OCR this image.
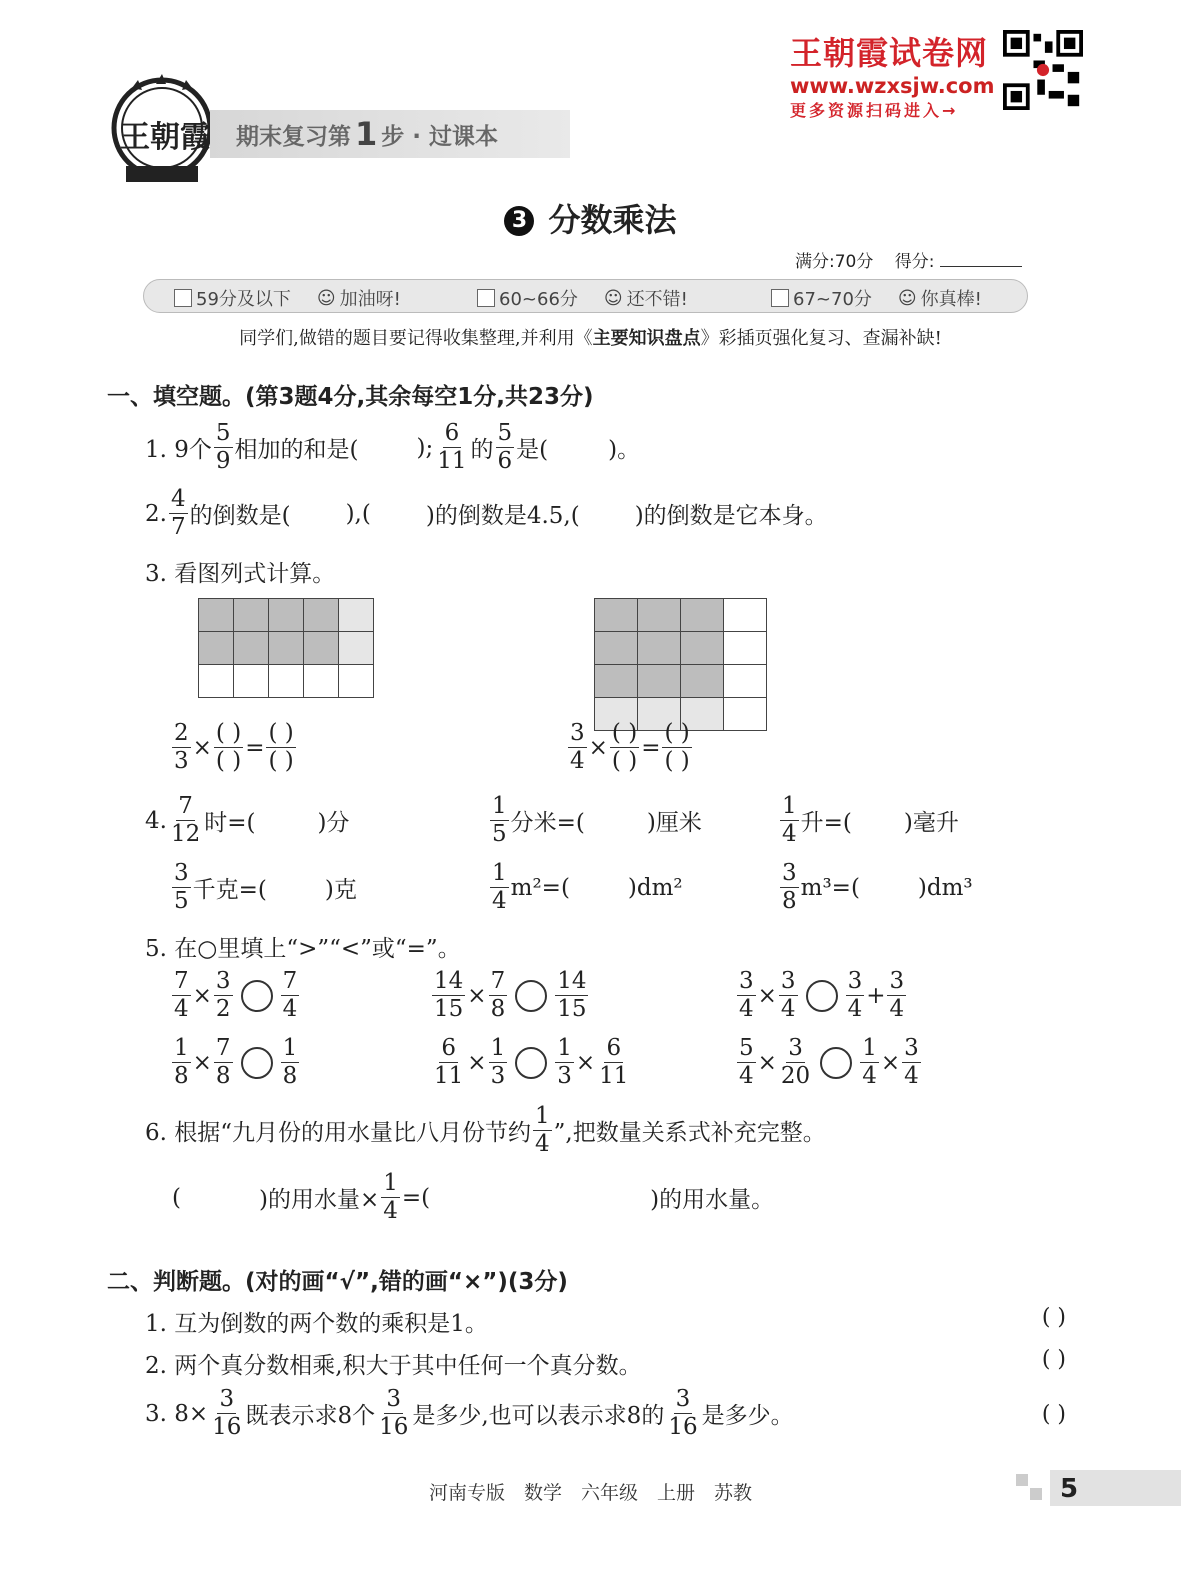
王朝霞 期末复习第 1 步 · 过课本
王朝霞试卷网
www.wzxsjw.com
更多资源扫码进入→
3 分数乘法
满分:70分 得分:
59分及以下 ☺ 加油呀!	60~66分 ☺ 还不错!	67~70分 ☺ 你真棒!
同学们,做错的题目要记得收集整理,并利用《主要知识盘点》彩插页强化复习、查漏补缺!
一、填空题。(第3题4分,其余每空1分,共23分)
1. 9个 $\frac{5}{9}$ 相加的和是(	); $\frac{6}{11}$ 的 $\frac{5}{6}$ 是(	)。
2. $\frac{4}{7}$ 的倒数是( ),( )的倒数是4.5,( )的倒数是它本身。
3. 看图列式计算。

$\frac{2}{3} \times \frac{( )}{( )} = \frac{( )}{( )}$	$\frac{3}{4} \times \frac{( )}{( )} = \frac{( )}{( )}$
4. $\frac{7}{12}$ 时=(	)分	$\frac{1}{5}$ 分米=(	)厘米	$\frac{1}{4}$ 升=( )毫升
$\frac{3}{5}$ 千克=(	)克	$\frac{1}{4} m^2=$(	)dm²	$\frac{3}{8} m^3=$(	)dm³
5. 在○里填上“>”“<”或“=”。
$\frac{7}{4} \times \frac{3}{2} \frac{7}{4}$	$\frac{14}{15} \times \frac{7}{8} \frac{14}{15}$	$\frac{3}{4} \times \frac{3}{4} \frac{3}{4} + \frac{3}{4}$
$\frac{1}{8} \times \frac{7}{8} \frac{1}{8}$	$\frac{6}{11} \times \frac{1}{3} \frac{1}{3} \times \frac{6}{11}$	$\frac{5}{4} \times \frac{3}{20} \frac{1}{4} \times \frac{3}{4}$
6. 根据“九月份的用水量比八月份节约 $\frac{1}{4}$ ”,把数量关系式补充完整。
(	)的用水量× $\frac{1}{4}$ =(	)的用水量。
二、判断题。(对的画“√”,错的画“×”)(3分)
1. 互为倒数的两个数的乘积是1。	( )
2. 两个真分数相乘,积大于其中任何一个真分数。	( )
3. $8\times \frac{3}{16}$ 既表示求8个 $\frac{3}{16}$ 是多少,也可以表示求8的 $\frac{3}{16}$ 是多少。	( )
河南专版　数学　六年级　上册　苏教	5
